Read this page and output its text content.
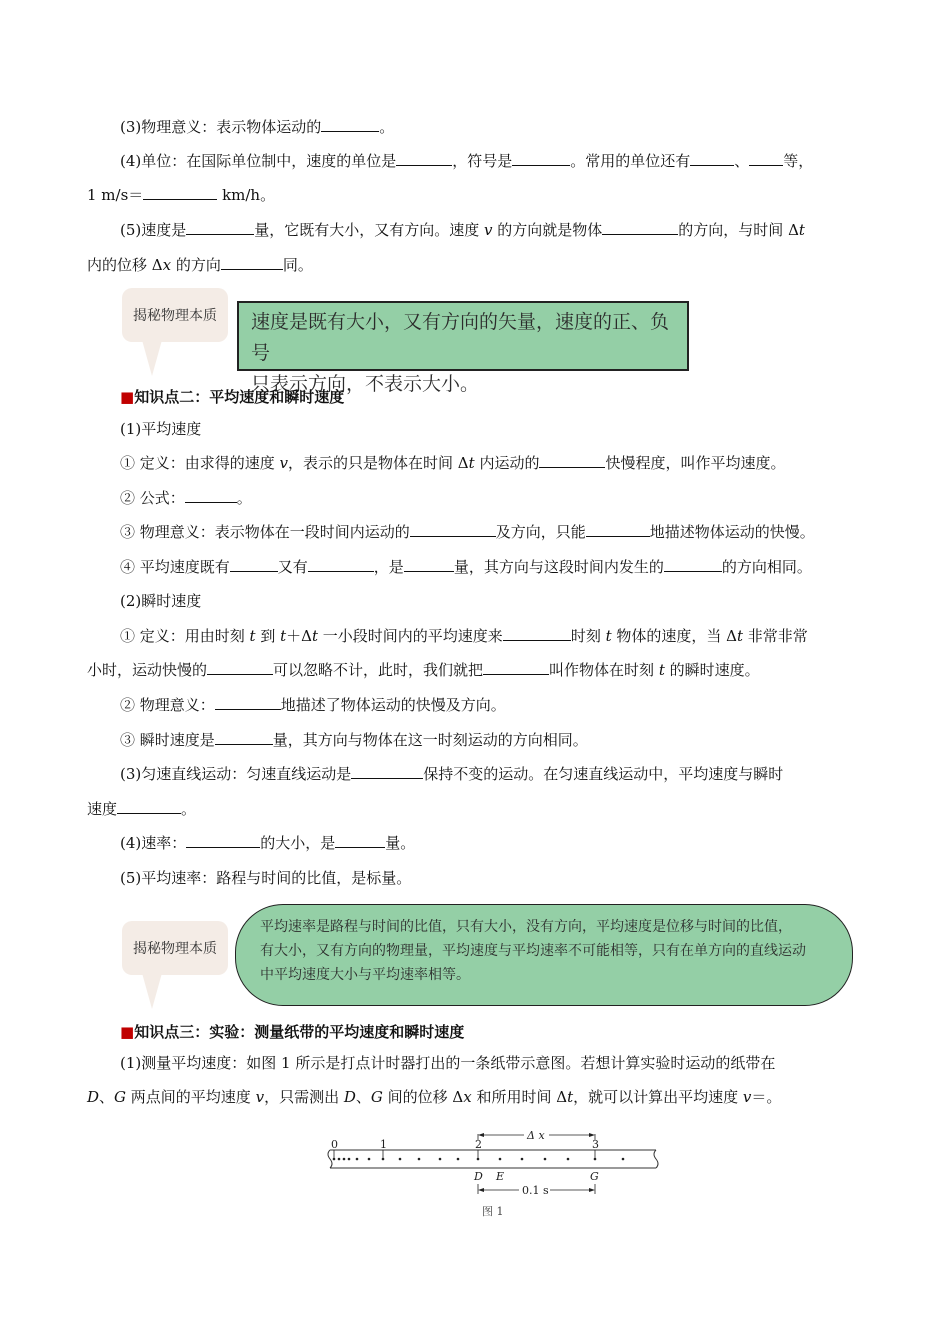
(3)物理意义：表示物体运动的	。
(4)单位：在国际单位制中，速度的单位是	，符号是	。常用的单位还有	、 等，
1 m/s＝	km/h。
(5)速度是	量，它既有大小，又有方向。速度 v 的方向就是物体	的方向，与时间 Δt
内的位移 Δx 的方向	同。
揭秘物理本质 速度是既有大小，又有方向的矢量，速度的正、负号
只表示方向，不表示大小。
■知识点二：平均速度和瞬时速度
(1)平均速度
① 定义：由求得的速度 v，表示的只是物体在时间 Δt 内运动的	快慢程度，叫作平均速度。
② 公式：	。
③ 物理意义：表示物体在一段时间内运动的	及方向，只能	地描述物体运动的快慢。
④ 平均速度既有	又有	，是	量，其方向与这段时间内发生的	的方向相同。
(2)瞬时速度
① 定义：用由时刻 t 到 t＋Δt 一小段时间内的平均速度来	时刻 t 物体的速度，当 Δt 非常非常
小时，运动快慢的	可以忽略不计，此时，我们就把	叫作物体在时刻 t 的瞬时速度。
② 物理意义：	地描述了物体运动的快慢及方向。
③ 瞬时速度是	量，其方向与物体在这一时刻运动的方向相同。
(3)匀速直线运动：匀速直线运动是	保持不变的运动。在匀速直线运动中，平均速度与瞬时
速度	。
(4)速率：	的大小，是	量。
(5)平均速率：路程与时间的比值，是标量。
揭秘物理本质
平均速率是路程与时间的比值，只有大小，没有方向，平均速度是位移与时间的比值，
有大小，又有方向的物理量，平均速度与平均速率不可能相等，只有在单方向的直线运动
中平均速度大小与平均速率相等。
■知识点三：实验：测量纸带的平均速度和瞬时速度
(1)测量平均速度：如图 1 所示是打点计时器打出的一条纸带示意图。若想计算实验时运动的纸带在
D、G 两点间的平均速度 v，只需测出 D、G 间的位移 Δx 和所用时间 Δt，就可以计算出平均速度 v＝。
0	1	2	3
Δ x
D E	G
0.1 s
图 1
